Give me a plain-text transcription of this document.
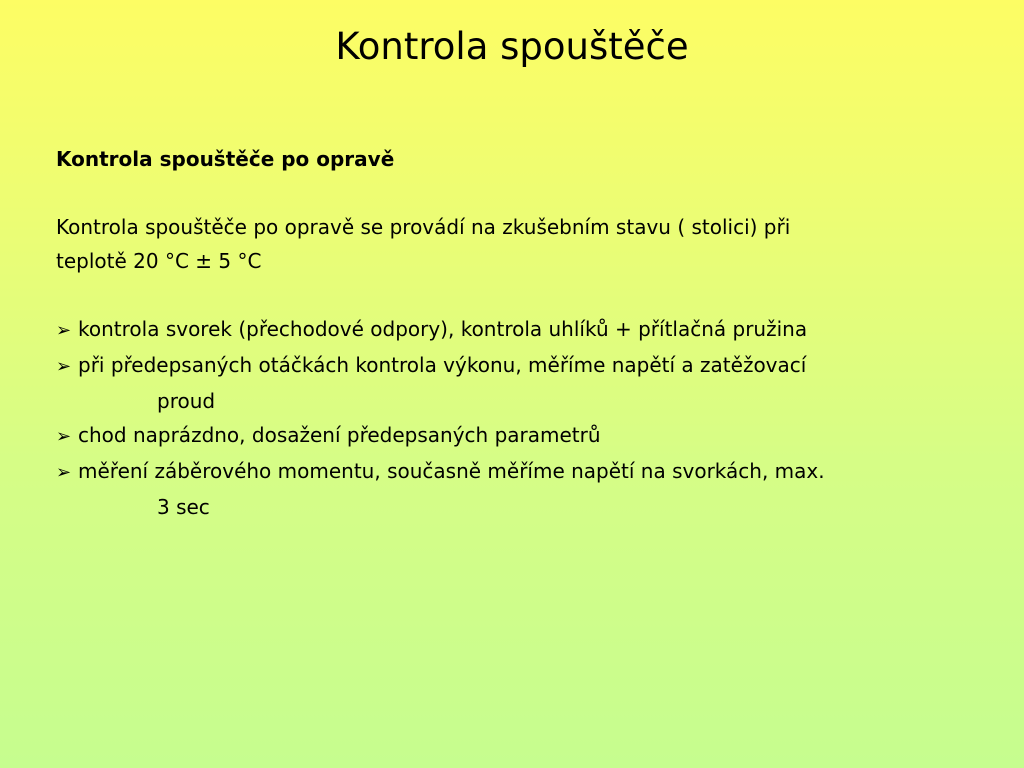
Kontrola spouštěče

Kontrola spouštěče po opravě

Kontrola spouštěče po opravě se provádí na zkušebním stavu ( stolici) při
teplotě 20 °C ± 5 °C

➢ kontrola svorek (přechodové odpory), kontrola uhlíků + přítlačná pružina
➢ při předepsaných otáčkách kontrola výkonu, měříme napětí a zatěžovací
proud
➢ chod naprázdno, dosažení předepsaných parametrů
➢ měření záběrového momentu, současně měříme napětí na svorkách, max.
3 sec
